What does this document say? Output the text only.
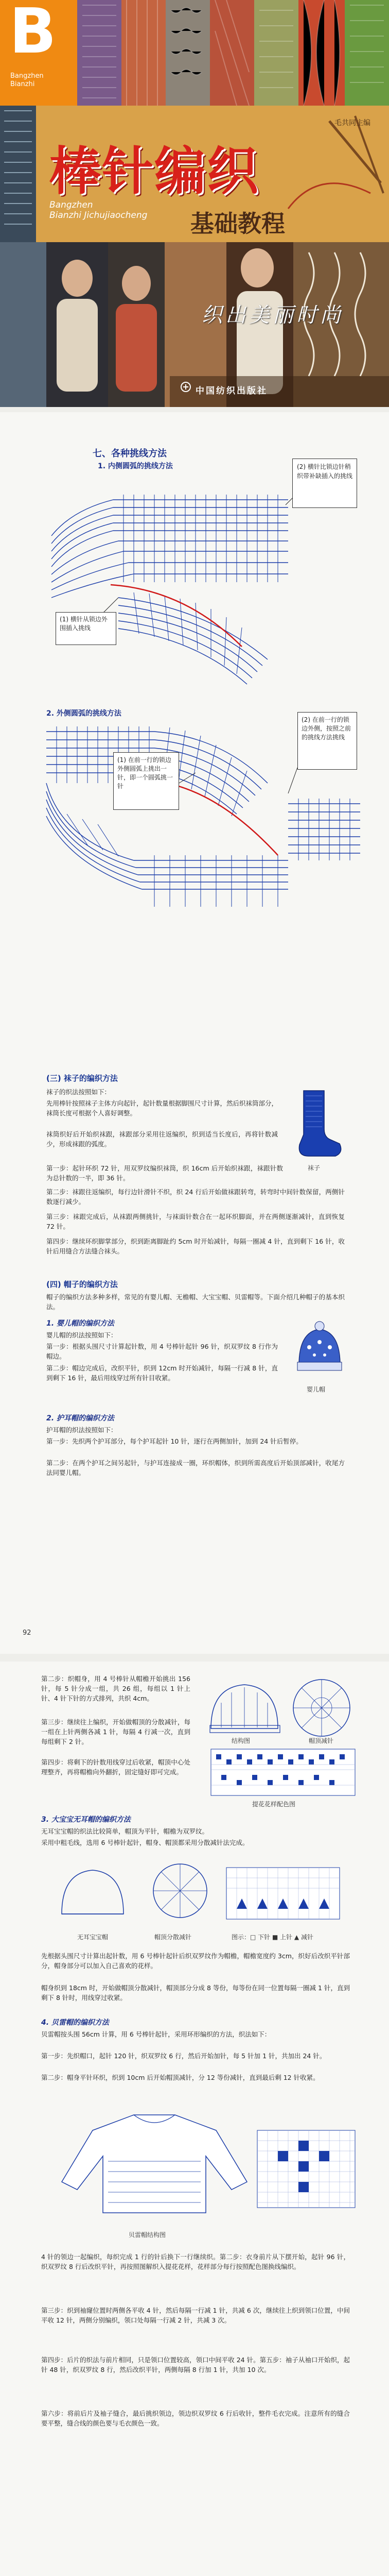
B
Bangzhen
Bianzhi
毛共同主编
棒针编织
Bangzhen
Bianzhi Jichujiaocheng 基础教程
织出美丽时尚
中国纺织出版社
七、各种挑线方法
1. 内侧圆弧的挑线方法	(2) 横针比锁边针稍织带补缺插入的挑线
(1) 横针从锁边外围插入挑线
2. 外侧圆弧的挑线方法
(1) 在前一行的锁边外侧圆弧上挑出一针，即一个圆弧挑一针
(2) 在前一行的锁边外侧，按照之前的挑线方法挑线
(三) 袜子的编织方法
袜子
袜子的织法按照如下：
先用棒针按照袜子主体方向起针，起针数量根据脚围尺寸计算，然后织袜筒部分，袜筒长度可根据个人喜好调整。
袜筒织好后开始织袜跟，袜跟部分采用往返编织，织到适当长度后，再将针数减少，形成袜跟的弧度。
第一步：起针环织 72 针，用双罗纹编织袜筒，织 16cm 后开始织袜跟，袜跟针数为总针数的一半，即 36 针。
第二步：袜跟往返编织，每行边针滑针不织，织 24 行后开始做袜跟转弯，转弯时中间针数保留，两侧针数逐行减少。
第三步：袜跟完成后，从袜跟两侧挑针，与袜面针数合在一起环织脚面，并在两侧逐渐减针，直到恢复 72 针。
第四步：继续环织脚掌部分，织到距离脚趾约 5cm 时开始减针，每隔一圈减 4 针，直到剩下 16 针，收针后用缝合方法缝合袜头。
(四) 帽子的编织方法
帽子的编织方法多种多样，常见的有婴儿帽、无檐帽、大宝宝帽、贝雷帽等。下面介绍几种帽子的基本织法。
1. 婴儿帽的编织方法
婴儿帽的织法按照如下：
第一步：根据头围尺寸计算起针数，用 4 号棒针起针 96 针，织双罗纹 8 行作为帽边。
第二步：帽边完成后，改织平针，织到 12cm 时开始减针，每隔一行减 8 针，直到剩下 16 针，最后用线穿过所有针目收紧。
婴儿帽
2. 护耳帽的编织方法
护耳帽的织法按照如下：
第一步：先织两个护耳部分，每个护耳起针 10 针，逐行在两侧加针，加到 24 针后暂停。
第二步：在两个护耳之间另起针，与护耳连接成一圈，环织帽体，织到所需高度后开始顶部减针，收尾方法同婴儿帽。
92
第二步：织帽身，用 4 号棒针从帽檐开始挑出 156 针，每 5 针分成一组，共 26 组，每组以 1 针上针、4 针下针的方式排列，共织 4cm。
第三步：继续往上编织，开始做帽顶的分散减针，每一组在上针两侧各减 1 针，每隔 4 行减一次，直到每组剩下 2 针。
第四步：将剩下的针数用线穿过后收紧，帽顶中心处理整齐，再将帽檐向外翻折，固定缝好即可完成。
结构图	帽顶减针
提花花样配色图
3. 大宝宝无耳帽的编织方法
无耳宝宝帽的织法比较简单，帽顶为平针，帽檐为双罗纹。
采用中粗毛线，选用 6 号棒针起针，帽身、帽顶都采用分散减针法完成。
无耳宝宝帽	帽顶分散减针	图示：□ 下针 ■ 上针 ▲ 减针
先根据头围尺寸计算出起针数，用 6 号棒针起针后织双罗纹作为帽檐，帽檐宽度约 3cm，织好后改织平针部分，帽身部分可以加入自己喜欢的花样。
帽身织到 18cm 时，开始做帽顶分散减针，帽顶部分分成 8 等份，每等份在同一位置每隔一圈减 1 针，直到剩下 8 针时，用线穿过收紧。
4. 贝雷帽的编织方法
贝雷帽按头围 56cm 计算，用 6 号棒针起针，采用环形编织的方法，织法如下：
第一步：先织帽口，起针 120 针，织双罗纹 6 行，然后开始加针，每 5 针加 1 针，共加出 24 针。
第二步：帽身平针环织，织到 10cm 后开始帽顶减针，分 12 等份减针，直到最后剩 12 针收紧。
贝雷帽结构图
4 针的领边一起编织，每织完成 1 行的针后换下一行继续织。第二步：衣身前片从下摆开始，起针 96 针，织双罗纹 8 行后改织平针，再按照图解织入提花花样，花样部分每行按照配色图换线编织。
第三步：织到袖窿位置时两侧各平收 4 针，然后每隔一行减 1 针，共减 6 次，继续往上织到领口位置，中间平收 12 针，两侧分别编织，领口处每隔一行减 2 针，共减 3 次。
第四步：后片的织法与前片相同，只是领口位置较高，领口中间平收 24 针。第五步：袖子从袖口开始织，起针 48 针，织双罗纹 8 行，然后改织平针，两侧每隔 8 行加 1 针，共加 10 次。
第六步：将前后片及袖子缝合，最后挑织领边，领边织双罗纹 6 行后收针，整件毛衣完成。注意所有的缝合要平整，缝合线的颜色要与毛衣颜色一致。
